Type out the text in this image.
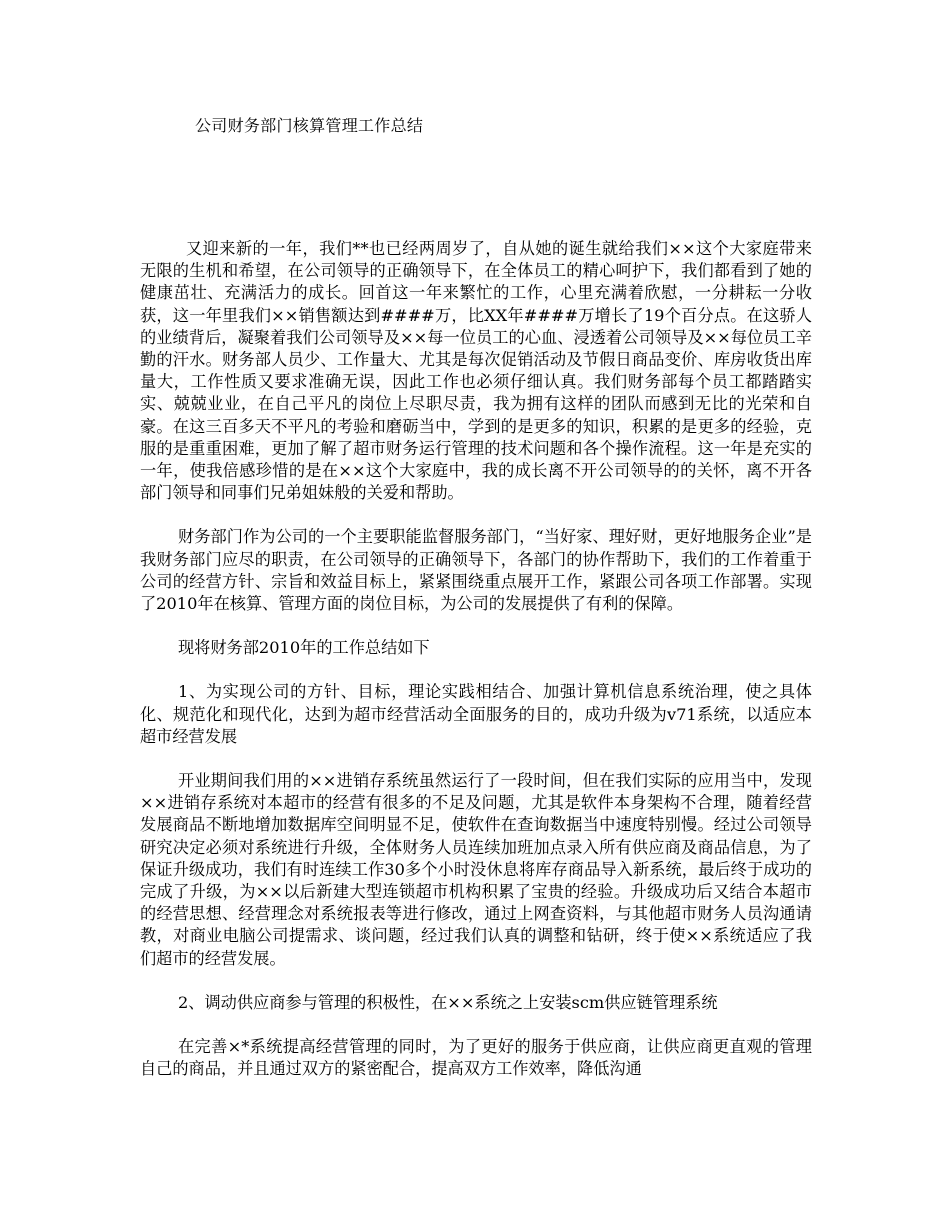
公司财务部门核算管理工作总结

又迎来新的一年，我们**也已经两周岁了，自从她的诞生就给我们××这个大家庭带来无限的生机和希望，在公司领导的正确领导下，在全体员工的精心呵护下，我们都看到了她的健康茁壮、充满活力的成长。回首这一年来繁忙的工作，心里充满着欣慰，一分耕耘一分收获，这一年里我们××销售额达到####万，比XX年####万增长了19个百分点。在这骄人的业绩背后，凝聚着我们公司领导及××每一位员工的心血、浸透着公司领导及××每位员工辛勤的汗水。财务部人员少、工作量大、尤其是每次促销活动及节假日商品变价、库房收货出库量大，工作性质又要求准确无误，因此工作也必须仔细认真。我们财务部每个员工都踏踏实实、兢兢业业，在自己平凡的岗位上尽职尽责，我为拥有这样的团队而感到无比的光荣和自豪。在这三百多天不平凡的考验和磨砺当中，学到的是更多的知识，积累的是更多的经验，克服的是重重困难，更加了解了超市财务运行管理的技术问题和各个操作流程。这一年是充实的一年，使我倍感珍惜的是在××这个大家庭中，我的成长离不开公司领导的的关怀，离不开各部门领导和同事们兄弟姐妹般的关爱和帮助。

财务部门作为公司的一个主要职能监督服务部门，“当好家、理好财，更好地服务企业”是我财务部门应尽的职责，在公司领导的正确领导下，各部门的协作帮助下，我们的工作着重于公司的经营方针、宗旨和效益目标上，紧紧围绕重点展开工作，紧跟公司各项工作部署。实现了2010年在核算、管理方面的岗位目标，为公司的发展提供了有利的保障。

现将财务部2010年的工作总结如下

1、为实现公司的方针、目标，理论实践相结合、加强计算机信息系统治理，使之具体化、规范化和现代化，达到为超市经营活动全面服务的目的，成功升级为v71系统，以适应本超市经营发展

开业期间我们用的××进销存系统虽然运行了一段时间，但在我们实际的应用当中，发现××进销存系统对本超市的经营有很多的不足及问题，尤其是软件本身架构不合理，随着经营发展商品不断地增加数据库空间明显不足，使软件在查询数据当中速度特别慢。经过公司领导研究决定必须对系统进行升级，全体财务人员连续加班加点录入所有供应商及商品信息，为了保证升级成功，我们有时连续工作30多个小时没休息将库存商品导入新系统，最后终于成功的完成了升级，为××以后新建大型连锁超市机构积累了宝贵的经验。升级成功后又结合本超市的经营思想、经营理念对系统报表等进行修改，通过上网查资料，与其他超市财务人员沟通请教，对商业电脑公司提需求、谈问题，经过我们认真的调整和钻研，终于使××系统适应了我们超市的经营发展。

2、调动供应商参与管理的积极性，在××系统之上安装scm供应链管理系统

在完善×*系统提高经营管理的同时，为了更好的服务于供应商，让供应商更直观的管理自己的商品，并且通过双方的紧密配合，提高双方工作效率，降低沟通
